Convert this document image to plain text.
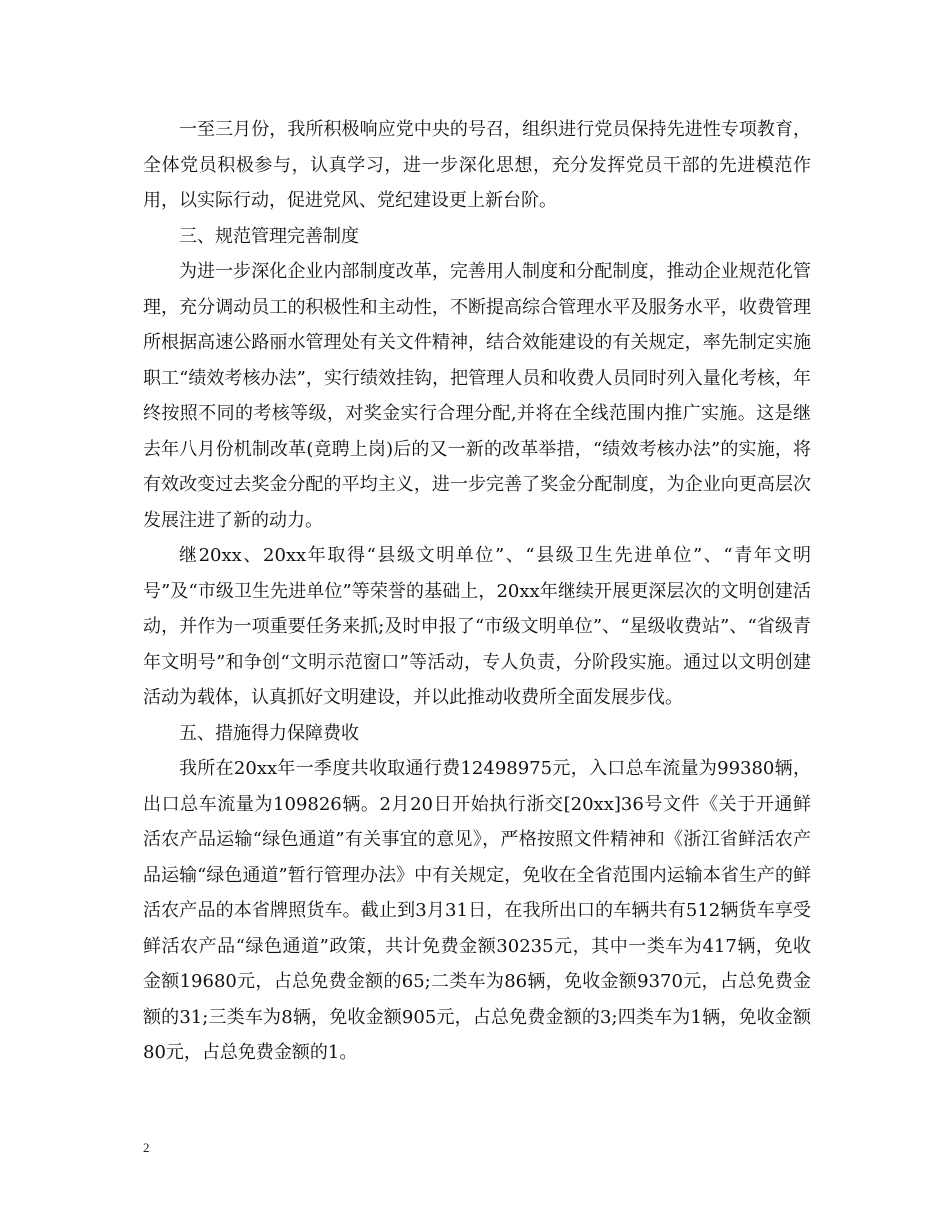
一至三月份，我所积极响应党中央的号召，组织进行党员保持先进性专项教育，全体党员积极参与，认真学习，进一步深化思想，充分发挥党员干部的先进模范作用，以实际行动，促进党风、党纪建设更上新台阶。

三、规范管理完善制度

为进一步深化企业内部制度改革，完善用人制度和分配制度，推动企业规范化管理，充分调动员工的积极性和主动性，不断提高综合管理水平及服务水平，收费管理所根据高速公路丽水管理处有关文件精神，结合效能建设的有关规定，率先制定实施职工“绩效考核办法”，实行绩效挂钩，把管理人员和收费人员同时列入量化考核，年终按照不同的考核等级，对奖金实行合理分配,并将在全线范围内推广实施。这是继去年八月份机制改革(竟聘上岗)后的又一新的改革举措，“绩效考核办法”的实施，将有效改变过去奖金分配的平均主义，进一步完善了奖金分配制度，为企业向更高层次发展注进了新的动力。

继20xx、20xx年取得“县级文明单位”、“县级卫生先进单位”、“青年文明号”及“市级卫生先进单位”等荣誉的基础上，20xx年继续开展更深层次的文明创建活动，并作为一项重要任务来抓;及时申报了“市级文明单位”、“星级收费站”、“省级青年文明号”和争创“文明示范窗口”等活动，专人负责，分阶段实施。通过以文明创建活动为载体，认真抓好文明建设，并以此推动收费所全面发展步伐。

五、措施得力保障费收

我所在20xx年一季度共收取通行费12498975元，入口总车流量为99380辆，出口总车流量为109826辆。2月20日开始执行浙交[20xx]36号文件《关于开通鲜活农产品运输“绿色通道”有关事宜的意见》，严格按照文件精神和《浙江省鲜活农产品运输“绿色通道”暂行管理办法》中有关规定，免收在全省范围内运输本省生产的鲜活农产品的本省牌照货车。截止到3月31日，在我所出口的车辆共有512辆货车享受鲜活农产品“绿色通道”政策，共计免费金额30235元，其中一类车为417辆，免收金额19680元，占总免费金额的65;二类车为86辆，免收金额9370元，占总免费金额的31;三类车为8辆，免收金额905元，占总免费金额的3;四类车为1辆，免收金额80元，占总免费金额的1。

2
